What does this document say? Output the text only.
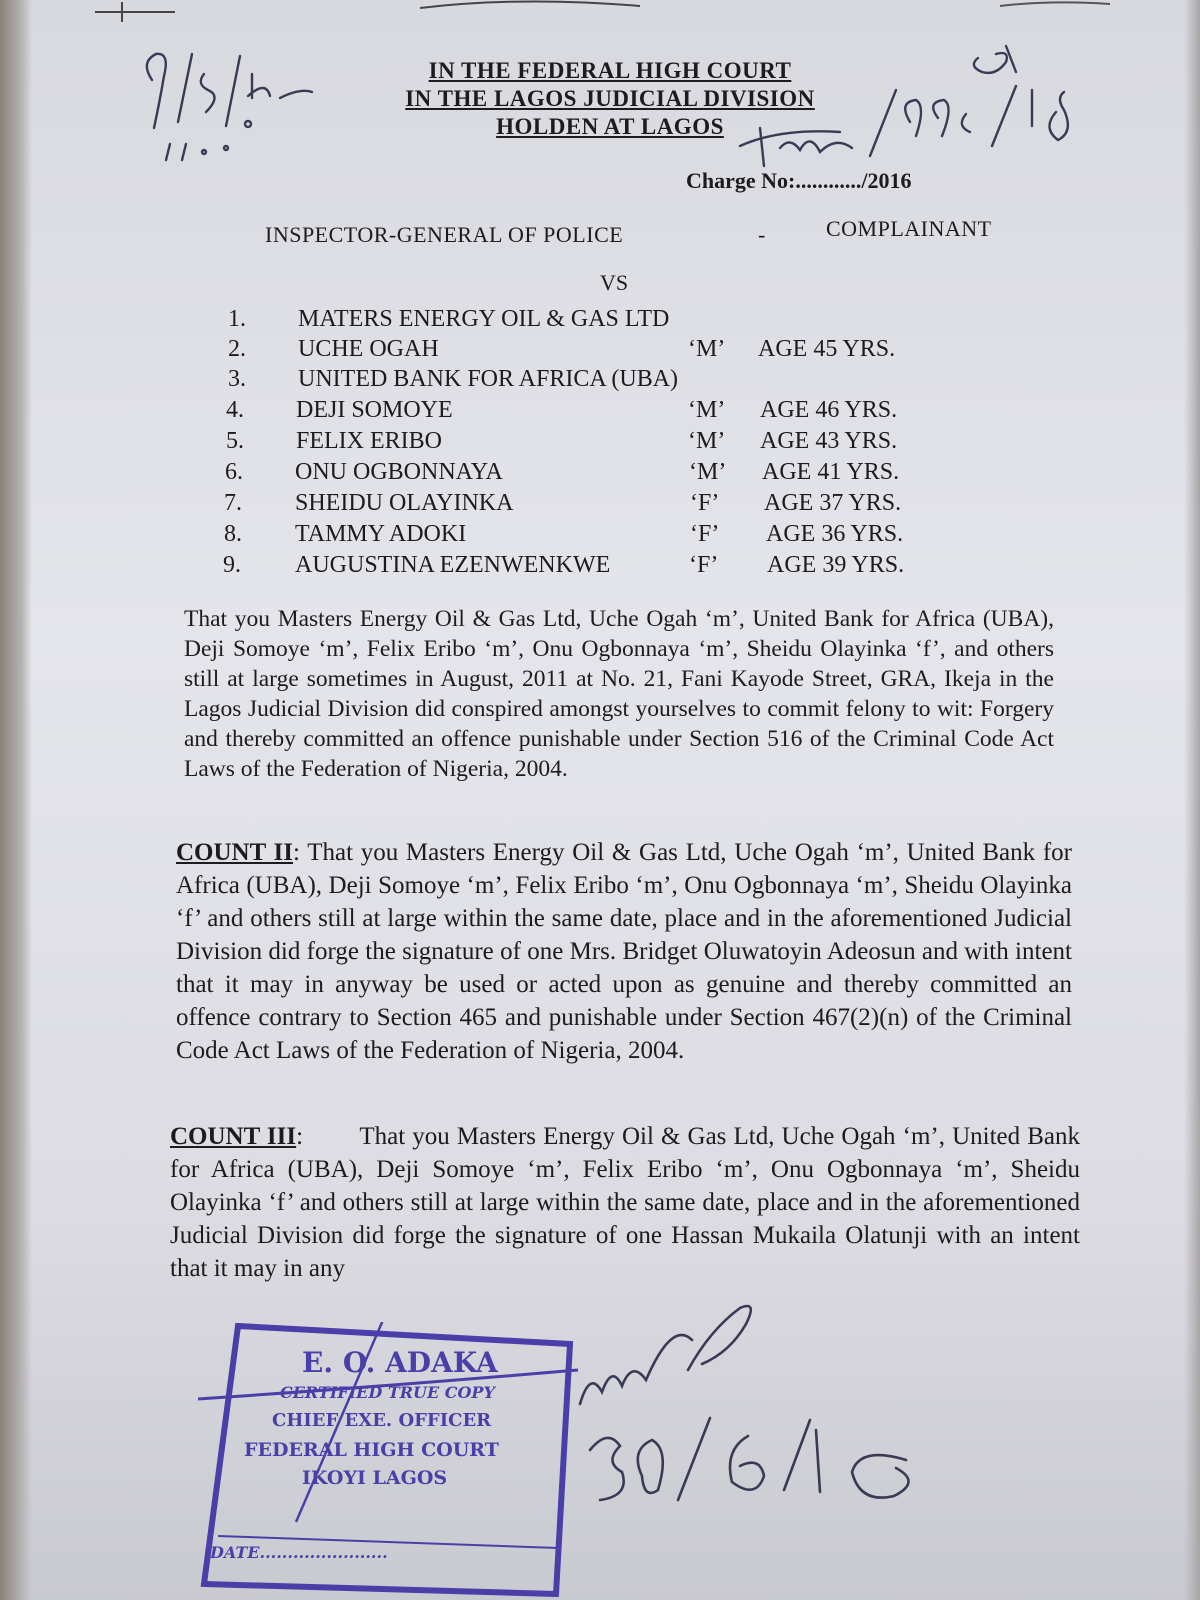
IN THE FEDERAL HIGH COURT
IN THE LAGOS JUDICIAL DIVISION
HOLDEN AT LAGOS
Charge No:............/2016
INSPECTOR-GENERAL OF POLICE	-	COMPLAINANT
VS
1. MATERS ENERGY OIL & GAS LTD
2. UCHE OGAH	‘M’ AGE 45 YRS.
3. UNITED BANK FOR AFRICA (UBA)
4. DEJI SOMOYE	‘M’ AGE 46 YRS.
5. FELIX ERIBO	‘M’ AGE 43 YRS.
6. ONU OGBONNAYA	‘M’ AGE 41 YRS.
7. SHEIDU OLAYINKA	‘F’ AGE 37 YRS.
8. TAMMY ADOKI	‘F’ AGE 36 YRS.
9. AUGUSTINA EZENWENKWE	‘F’ AGE 39 YRS.
That you Masters Energy Oil & Gas Ltd, Uche Ogah ‘m’, United Bank for Africa (UBA), Deji Somoye ‘m’, Felix Eribo ‘m’, Onu Ogbonnaya ‘m’, Sheidu Olayinka ‘f’, and others still at large sometimes in August, 2011 at No. 21, Fani Kayode Street, GRA, Ikeja in the Lagos Judicial Division did conspired amongst yourselves to commit felony to wit: Forgery and thereby committed an offence punishable under Section 516 of the Criminal Code Act Laws of the Federation of Nigeria, 2004.
COUNT II: That you Masters Energy Oil & Gas Ltd, Uche Ogah ‘m’, United Bank for Africa (UBA), Deji Somoye ‘m’, Felix Eribo ‘m’, Onu Ogbonnaya ‘m’, Sheidu Olayinka ‘f’ and others still at large within the same date, place and in the aforementioned Judicial Division did forge the signature of one Mrs. Bridget Oluwatoyin Adeosun and with intent that it may in anyway be used or acted upon as genuine and thereby committed an offence contrary to Section 465 and punishable under Section 467(2)(n) of the Criminal Code Act Laws of the Federation of Nigeria, 2004.
COUNT III:        That you Masters Energy Oil & Gas Ltd, Uche Ogah ‘m’, United Bank for Africa (UBA), Deji Somoye ‘m’, Felix Eribo ‘m’, Onu Ogbonnaya ‘m’, Sheidu Olayinka ‘f’ and others still at large within the same date, place and in the aforementioned Judicial Division did forge the signature of one Hassan Mukaila Olatunji with an intent that it may in any
E. O. ADAKA
CERTIFIED TRUE COPY
CHIEF EXE. OFFICER
FEDERAL HIGH COURT
IKOYI LAGOS
DATE.......................
